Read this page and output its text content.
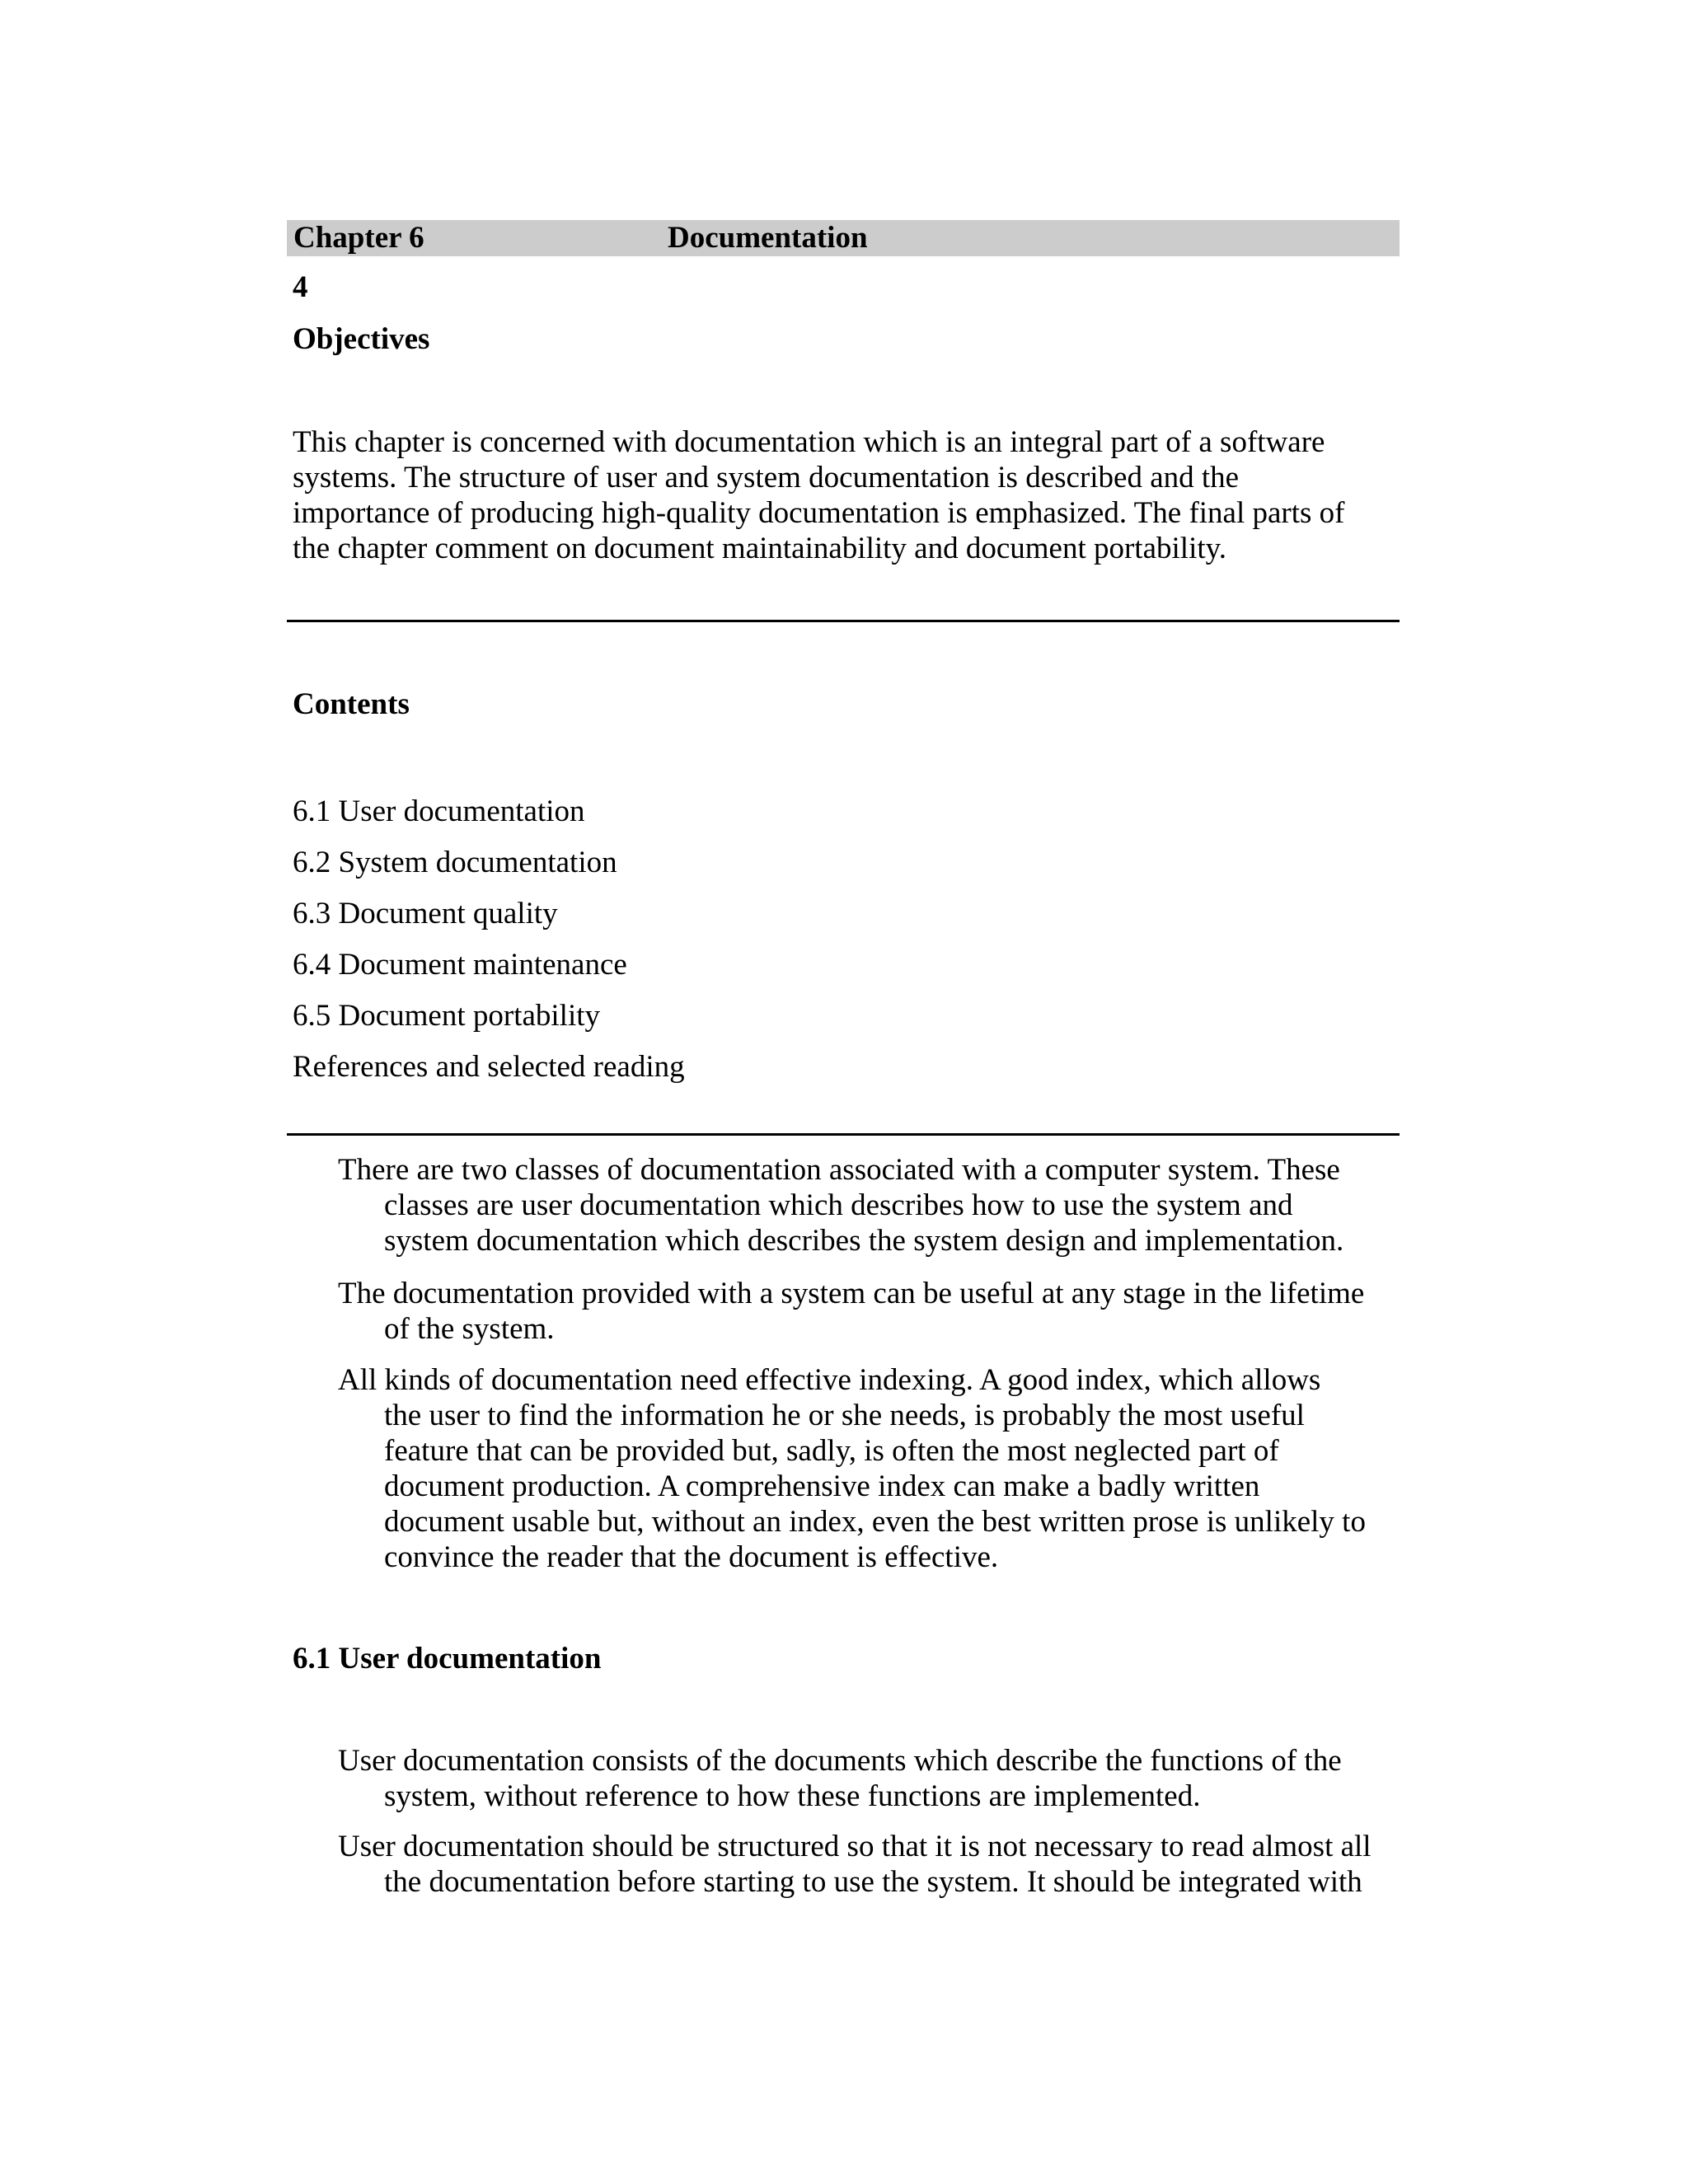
Chapter 6	Documentation
4
Objectives
This chapter is concerned with documentation which is an integral part of a software
systems. The structure of user and system documentation is described and the
importance of producing high-quality documentation is emphasized. The final parts of
the chapter comment on document maintainability and document portability.
Contents
6.1 User documentation
6.2 System documentation
6.3 Document quality
6.4 Document maintenance
6.5 Document portability
References and selected reading
There are two classes of documentation associated with a computer system. These
classes are user documentation which describes how to use the system and
system documentation which describes the system design and implementation.
The documentation provided with a system can be useful at any stage in the lifetime
of the system.
All kinds of documentation need effective indexing. A good index, which allows
the user to find the information he or she needs, is probably the most useful
feature that can be provided but, sadly, is often the most neglected part of
document production. A comprehensive index can make a badly written
document usable but, without an index, even the best written prose is unlikely to
convince the reader that the document is effective.
6.1 User documentation
User documentation consists of the documents which describe the functions of the
system, without reference to how these functions are implemented.
User documentation should be structured so that it is not necessary to read almost all
the documentation before starting to use the system. It should be integrated with
